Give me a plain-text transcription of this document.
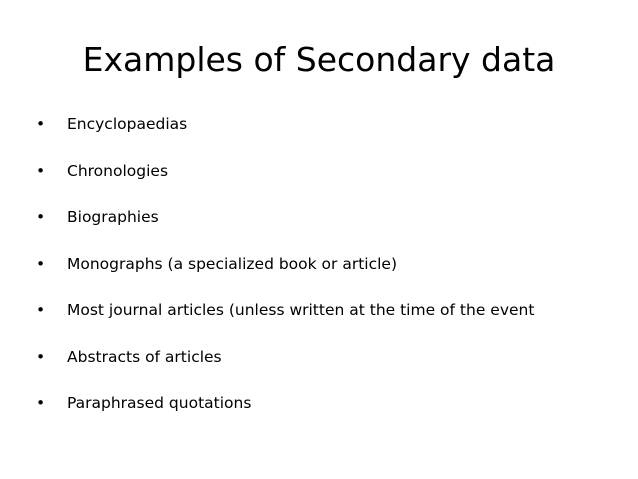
Examples of Secondary data
•	Encyclopaedias
•	Chronologies
•	Biographies
•	Monographs (a specialized book or article)
•	Most journal articles (unless written at the time of the event
•	Abstracts of articles
•	Paraphrased quotations
